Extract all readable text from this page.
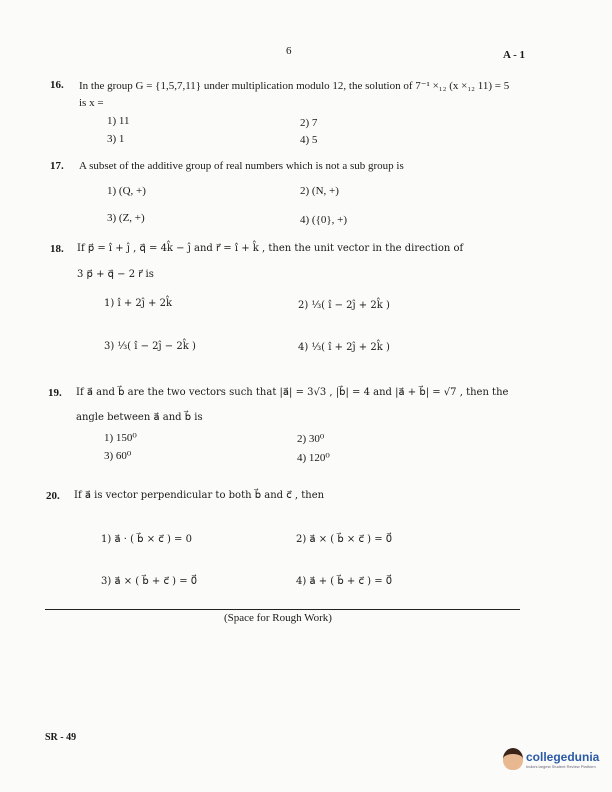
6	A - 1
16. In the group G = {1,5,7,11} under multiplication modulo 12, the solution of 7⁻¹ ×₁₂ (x ×₁₂ 11) = 5
is x =
1) 11	2) 7
3) 1	4) 5
17. A subset of the additive group of real numbers which is not a sub group is
1) (Q, +)	2) (N, +)
3) (Z, +)	4) ({0}, +)
18. If p⃗ = î + ĵ , q⃗ = 4k̂ − ĵ and r⃗ = î + k̂ , then the unit vector in the direction of
3 p⃗ + q⃗ − 2 r⃗ is
1) î + 2ĵ + 2k̂	2) ⅓( î − 2ĵ + 2k̂ )
3) ⅓( î − 2ĵ − 2k̂ )	4) ⅓( î + 2ĵ + 2k̂ )
19. If a⃗ and b⃗ are the two vectors such that |a⃗| = 3√3 , |b⃗| = 4 and |a⃗ + b⃗| = √7 , then the
angle between a⃗ and b⃗ is
1) 150⁰	2) 30⁰
3) 60⁰	4) 120⁰
20. If a⃗ is vector perpendicular to both b⃗ and c⃗ , then
1) a⃗ · ( b⃗ × c⃗ ) = 0	2) a⃗ × ( b⃗ × c⃗ ) = 0⃗
3) a⃗ × ( b⃗ + c⃗ ) = 0⃗	4) a⃗ + ( b⃗ + c⃗ ) = 0⃗
(Space for Rough Work)
SR - 49
collegedunia
India's largest Student Review Platform
